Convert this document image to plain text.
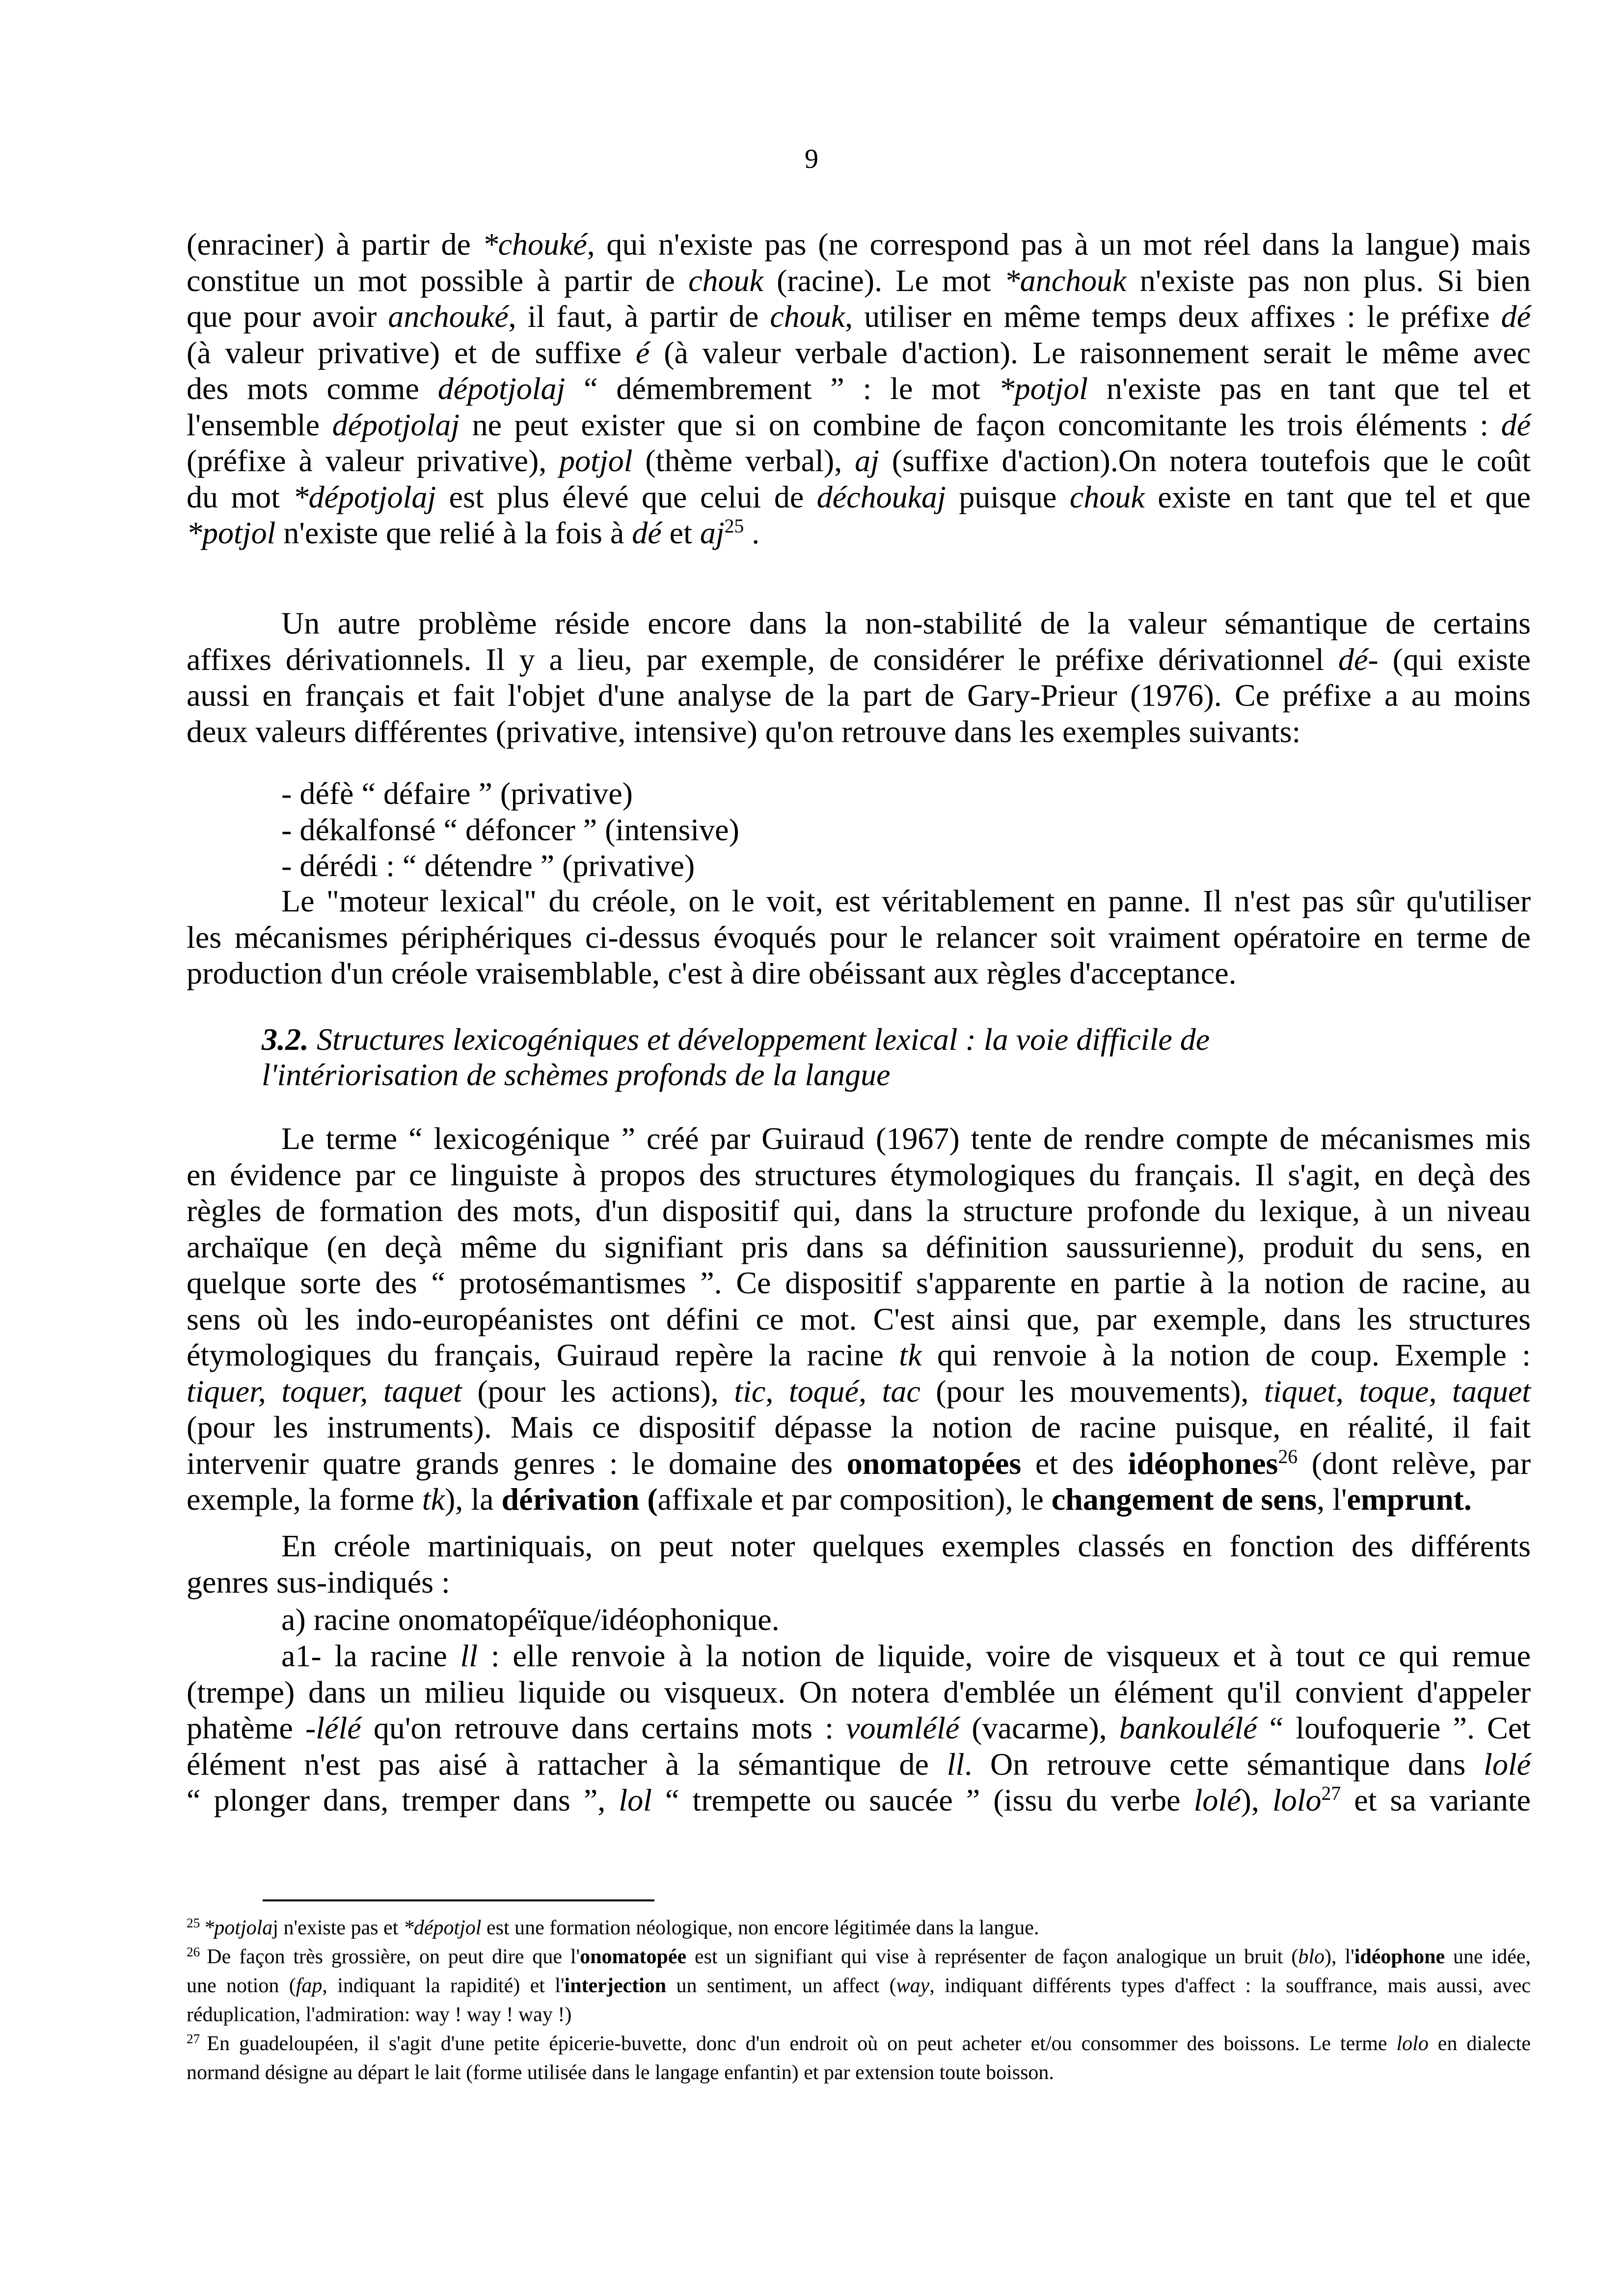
9
(enraciner) à partir de *chouké, qui n'existe pas (ne correspond pas à un mot réel dans la langue) mais
constitue un mot possible à partir de chouk (racine). Le mot *anchouk n'existe pas non plus. Si bien
que pour avoir anchouké, il faut, à partir de chouk, utiliser en même temps deux affixes : le préfixe dé
(à valeur privative) et de suffixe é (à valeur verbale d'action). Le raisonnement serait le même avec
des mots comme dépotjolaj “ démembrement ” : le mot *potjol n'existe pas en tant que tel et
l'ensemble dépotjolaj ne peut exister que si on combine de façon concomitante les trois éléments : dé
(préfixe à valeur privative), potjol (thème verbal), aj (suffixe d'action).On notera toutefois que le coût
du mot *dépotjolaj est plus élevé que celui de déchoukaj puisque chouk existe en tant que tel et que
*potjol n'existe que relié à la fois à dé et $aj^{25}$ .
Un autre problème réside encore dans la non-stabilité de la valeur sémantique de certains
affixes dérivationnels. Il y a lieu, par exemple, de considérer le préfixe dérivationnel dé- (qui existe
aussi en français et fait l'objet d'une analyse de la part de Gary-Prieur (1976). Ce préfixe a au moins
deux valeurs différentes (privative, intensive) qu'on retrouve dans les exemples suivants:
- défè “ défaire ” (privative)
- dékalfonsé “ défoncer ” (intensive)
- dérédi : “ détendre ” (privative)
Le "moteur lexical" du créole, on le voit, est véritablement en panne. Il n'est pas sûr qu'utiliser
les mécanismes périphériques ci-dessus évoqués pour le relancer soit vraiment opératoire en terme de
production d'un créole vraisemblable, c'est à dire obéissant aux règles d'acceptance.
3.2. Structures lexicogéniques et développement lexical : la voie difficile de
l'intériorisation de schèmes profonds de la langue
Le terme “ lexicogénique ” créé par Guiraud (1967) tente de rendre compte de mécanismes mis
en évidence par ce linguiste à propos des structures étymologiques du français. Il s'agit, en deçà des
règles de formation des mots, d'un dispositif qui, dans la structure profonde du lexique, à un niveau
archaïque (en deçà même du signifiant pris dans sa définition saussurienne), produit du sens, en
quelque sorte des “ protosémantismes ”. Ce dispositif s'apparente en partie à la notion de racine, au
sens où les indo-européanistes ont défini ce mot. C'est ainsi que, par exemple, dans les structures
étymologiques du français, Guiraud repère la racine tk qui renvoie à la notion de coup. Exemple :
tiquer, toquer, taquet (pour les actions), tic, toqué, tac (pour les mouvements), tiquet, toque, taquet
(pour les instruments). Mais ce dispositif dépasse la notion de racine puisque, en réalité, il fait
intervenir quatre grands genres : le domaine des onomatopées et des idéophones$^{26}$ (dont relève, par
exemple, la forme tk), la dérivation (affixale et par composition), le changement de sens, l'emprunt.
En créole martiniquais, on peut noter quelques exemples classés en fonction des différents
genres sus-indiqués :
a) racine onomatopéïque/idéophonique.
a1- la racine ll : elle renvoie à la notion de liquide, voire de visqueux et à tout ce qui remue
(trempe) dans un milieu liquide ou visqueux. On notera d'emblée un élément qu'il convient d'appeler
phatème -lélé qu'on retrouve dans certains mots : voumlélé (vacarme), bankoulélé “ loufoquerie ”. Cet
élément n'est pas aisé à rattacher à la sémantique de ll. On retrouve cette sémantique dans lolé
“ plonger dans, tremper dans ”, lol “ trempette ou saucée ” (issu du verbe lolé), lolo$^{27}$ et sa variante
$^{25}$ *potjolaj n'existe pas et *dépotjol est une formation néologique, non encore légitimée dans la langue.
$^{26}$ De façon très grossière, on peut dire que l'onomatopée est un signifiant qui vise à représenter de façon analogique un bruit (blo), l'idéophone une idée,
une notion (fap, indiquant la rapidité) et l'interjection un sentiment, un affect (way, indiquant différents types d'affect : la souffrance, mais aussi, avec
réduplication, l'admiration: way ! way ! way !)
$^{27}$ En guadeloupéen, il s'agit d'une petite épicerie-buvette, donc d'un endroit où on peut acheter et/ou consommer des boissons. Le terme lolo en dialecte
normand désigne au départ le lait (forme utilisée dans le langage enfantin) et par extension toute boisson.
